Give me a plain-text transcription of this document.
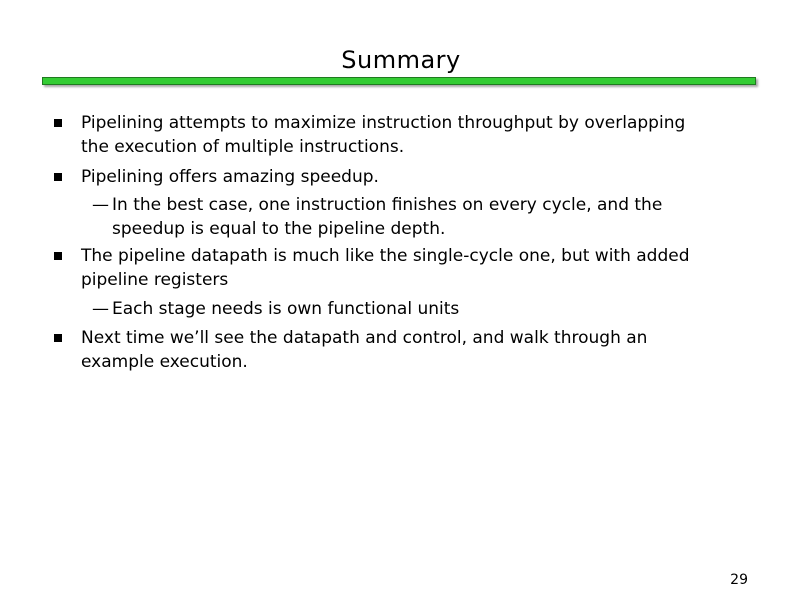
Summary
Pipelining attempts to maximize instruction throughput by overlapping
the execution of multiple instructions.
Pipelining offers amazing speedup.
— In the best case, one instruction finishes on every cycle, and the
speedup is equal to the pipeline depth.
The pipeline datapath is much like the single-cycle one, but with added
pipeline registers
— Each stage needs is own functional units
Next time we’ll see the datapath and control, and walk through an
example execution.
29
